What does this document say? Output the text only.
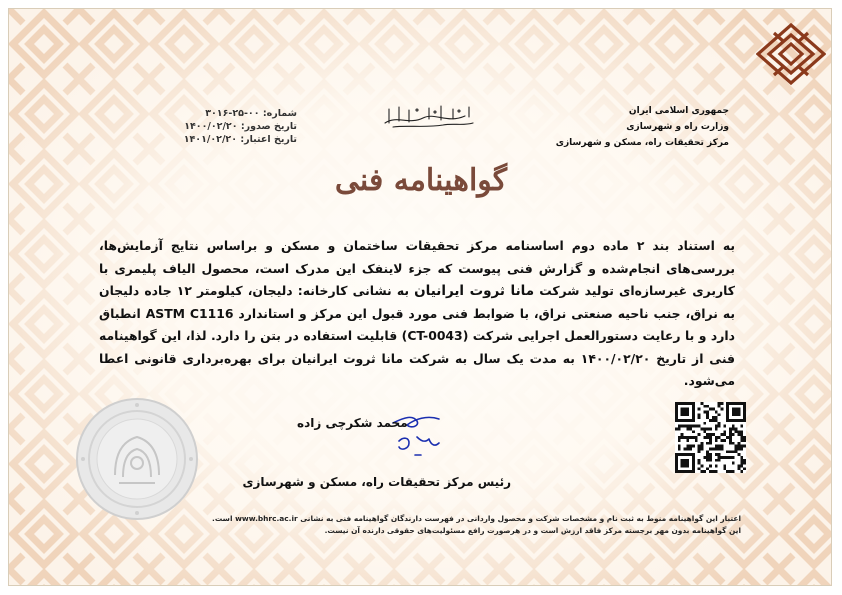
جمهوری اسلامی ایران
وزارت راه و شهرسازی
مرکز تحقیقات راه، مسکن و شهرسازی
شماره: ۰۰-۲۵-۳۰۱۶
تاریخ صدور: ۱۴۰۰/۰۲/۲۰
تاریخ اعتبار: ۱۴۰۱/۰۲/۲۰
گواهینامه فنی
به استناد بند ۲ ماده دوم اساسنامه مرکز تحقیقات ساختمان و مسکن و براساس نتایج آزمایش‌ها، بررسی‌های انجام‌شده و گزارش فنی پیوست که جزء لاینفک این مدرک است، محصول الیاف پلیمری با کاربری غیرسازه‌ای تولید شرکت مانا ثروت ایرانیان به نشانی کارخانه: دلیجان، کیلومتر ۱۲ جاده دلیجان به نراق، جنب ناحیه صنعتی نراق، با ضوابط فنی مورد قبول این مرکز و استاندارد ASTM C1116 انطباق دارد و با رعایت دستورالعمل اجرایی شرکت (CT-0043) قابلیت استفاده در بتن را دارد. لذا، این گواهینامه فنی از تاریخ ۱۴۰۰/۰۲/۲۰ به مدت یک سال به شرکت مانا ثروت ایرانیان برای بهره‌برداری قانونی اعطا می‌شود.
محمد شکرچی زاده
رئیس مرکز تحقیقات راه، مسکن و شهرسازی
اعتبار این گواهینامه منوط به ثبت نام و مشخصات شرکت و محصول واردانی در فهرست دارندگان گواهینامه فنی به نشانی www.bhrc.ac.ir است.
این گواهینامه بدون مهر برجسته مرکز فاقد ارزش است و در هرصورت رافع مسئولیت‌های حقوقی دارنده آن نیست.
